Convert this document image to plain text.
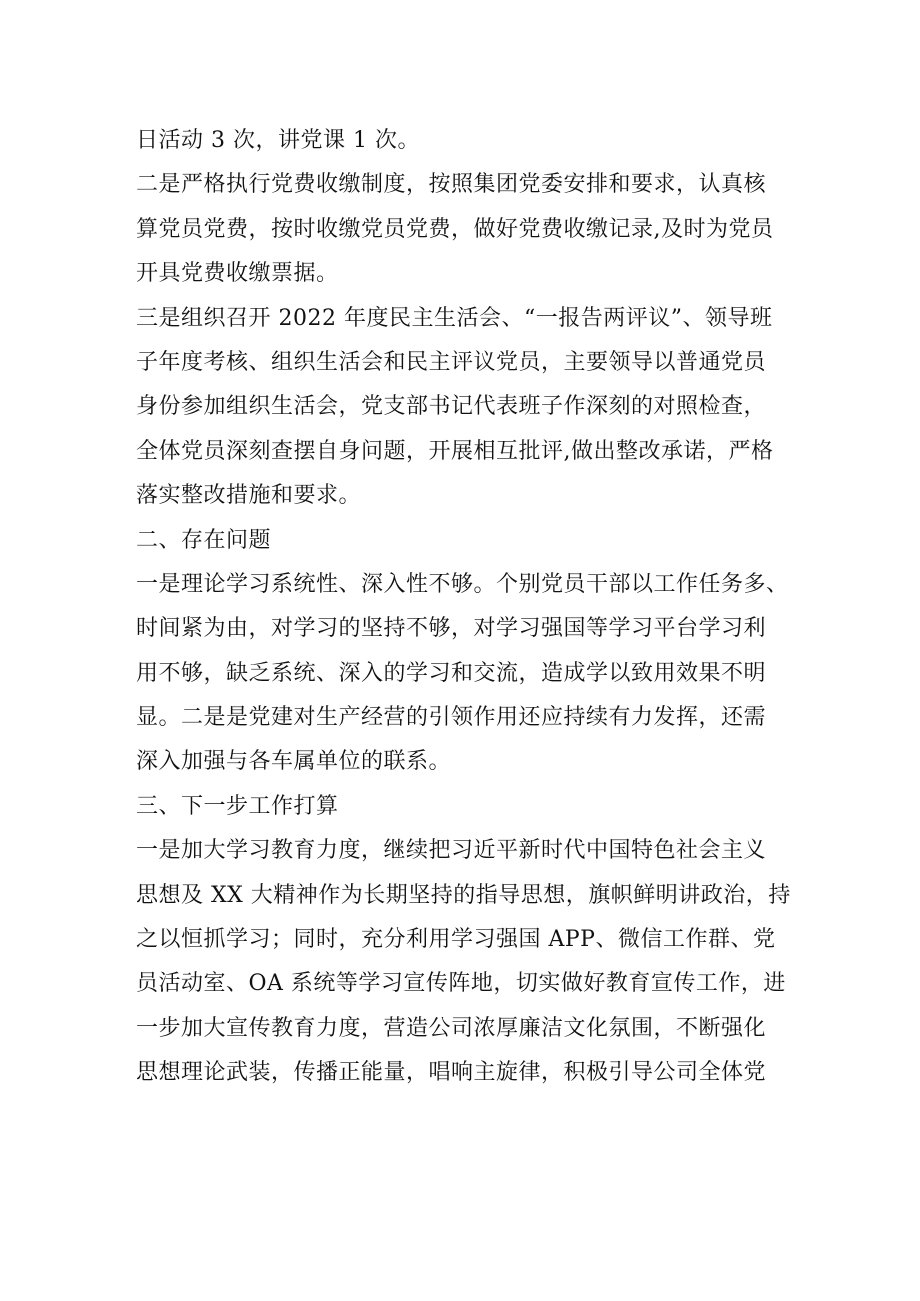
日活动 3 次，讲党课 1 次。
二是严格执行党费收缴制度，按照集团党委安排和要求，认真核
算党员党费，按时收缴党员党费，做好党费收缴记录,及时为党员
开具党费收缴票据。
三是组织召开 2022 年度民主生活会、“一报告两评议”、领导班
子年度考核、组织生活会和民主评议党员，主要领导以普通党员
身份参加组织生活会，党支部书记代表班子作深刻的对照检查，
全体党员深刻查摆自身问题，开展相互批评,做出整改承诺，严格
落实整改措施和要求。
二、存在问题
一是理论学习系统性、深入性不够。个别党员干部以工作任务多、
时间紧为由，对学习的坚持不够，对学习强国等学习平台学习利
用不够，缺乏系统、深入的学习和交流，造成学以致用效果不明
显。二是是党建对生产经营的引领作用还应持续有力发挥，还需
深入加强与各车属单位的联系。
三、下一步工作打算
一是加大学习教育力度，继续把习近平新时代中国特色社会主义
思想及 XX 大精神作为长期坚持的指导思想，旗帜鲜明讲政治，持
之以恒抓学习；同时，充分利用学习强国 APP、微信工作群、党
员活动室、OA 系统等学习宣传阵地，切实做好教育宣传工作，进
一步加大宣传教育力度，营造公司浓厚廉洁文化氛围，不断强化
思想理论武装，传播正能量，唱响主旋律，积极引导公司全体党
